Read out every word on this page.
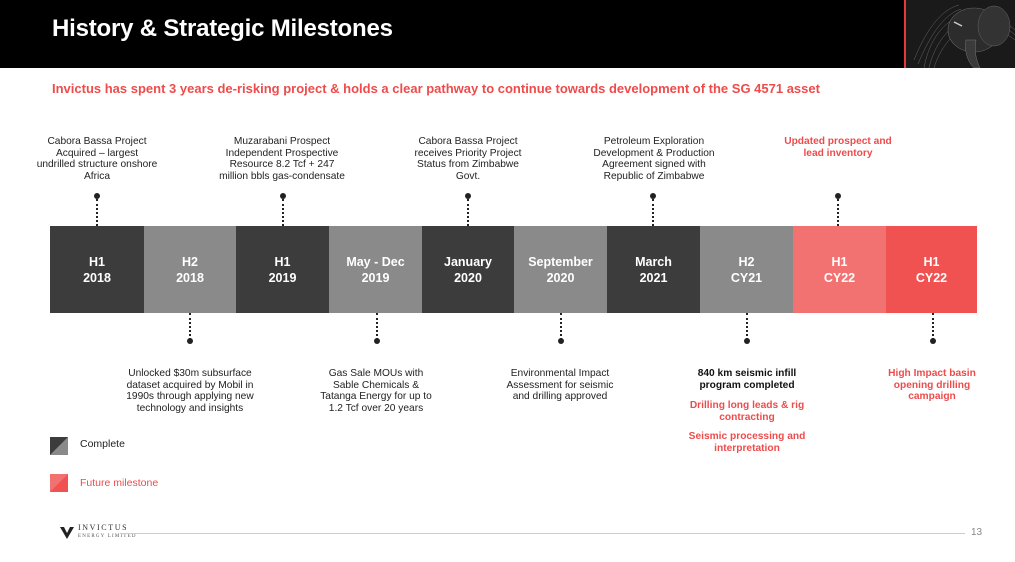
History & Strategic Milestones
Invictus has spent 3 years de-risking project & holds a clear pathway to continue towards development of the SG 4571 asset
H1
2018
H2
2018
H1
2019
May - Dec
2019
January
2020
September
2020
March
2021
H2
CY21
H1
CY22
H1
CY22
Cabora Bassa Project Acquired – largest undrilled structure onshore Africa
Muzarabani Prospect Independent Prospective Resource 8.2 Tcf + 247 million bbls gas-condensate
Cabora Bassa Project receives Priority Project Status from Zimbabwe Govt.
Petroleum Exploration Development & Production Agreement signed with Republic of Zimbabwe
Updated prospect and lead inventory
Unlocked $30m subsurface dataset acquired by Mobil in 1990s through applying new technology and insights
Gas Sale MOUs with Sable Chemicals & Tatanga Energy for up to 1.2 Tcf over 20 years
Environmental Impact Assessment for seismic and drilling approved
840 km seismic infill program completed
Drilling long leads & rig contracting
Seismic processing and interpretation
High Impact basin opening drilling campaign
Complete
Future milestone
INVICTUS
ENERGY LIMITED	13
